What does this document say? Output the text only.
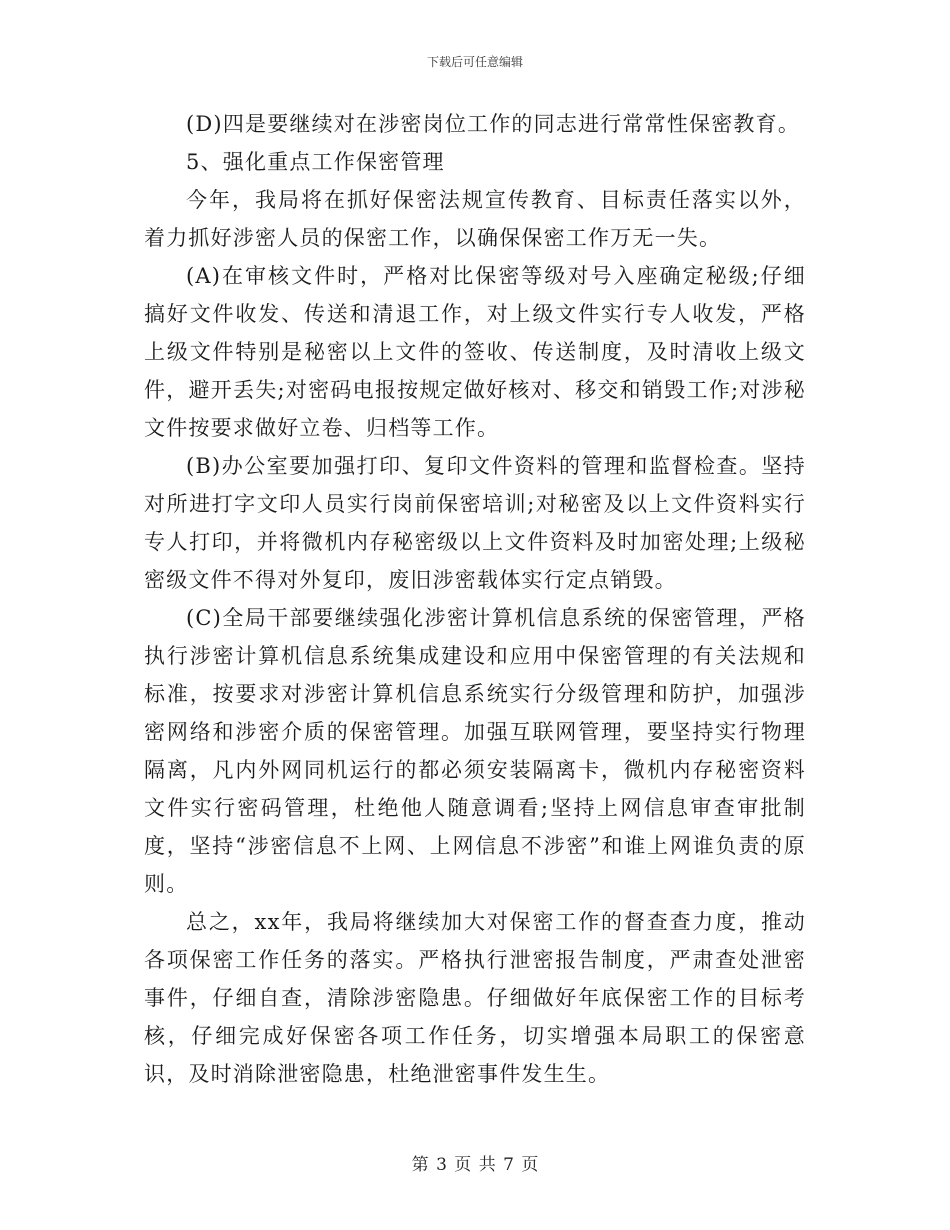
下载后可任意编辑

(D)四是要继续对在涉密岗位工作的同志进行常常性保密教育。

5、强化重点工作保密管理

今年，我局将在抓好保密法规宣传教育、目标责任落实以外，着力抓好涉密人员的保密工作，以确保保密工作万无一失。

(A)在审核文件时，严格对比保密等级对号入座确定秘级;仔细搞好文件收发、传送和清退工作，对上级文件实行专人收发，严格上级文件特别是秘密以上文件的签收、传送制度，及时清收上级文件，避开丢失;对密码电报按规定做好核对、移交和销毁工作;对涉秘文件按要求做好立卷、归档等工作。

(B)办公室要加强打印、复印文件资料的管理和监督检查。坚持对所进打字文印人员实行岗前保密培训;对秘密及以上文件资料实行专人打印，并将微机内存秘密级以上文件资料及时加密处理;上级秘密级文件不得对外复印，废旧涉密载体实行定点销毁。

(C)全局干部要继续强化涉密计算机信息系统的保密管理，严格执行涉密计算机信息系统集成建设和应用中保密管理的有关法规和标准，按要求对涉密计算机信息系统实行分级管理和防护，加强涉密网络和涉密介质的保密管理。加强互联网管理，要坚持实行物理隔离，凡内外网同机运行的都必须安装隔离卡，微机内存秘密资料文件实行密码管理，杜绝他人随意调看;坚持上网信息审查审批制度，坚持“涉密信息不上网、上网信息不涉密”和谁上网谁负责的原则。

总之，xx年，我局将继续加大对保密工作的督查查力度，推动各项保密工作任务的落实。严格执行泄密报告制度，严肃查处泄密事件，仔细自查，清除涉密隐患。仔细做好年底保密工作的目标考核，仔细完成好保密各项工作任务，切实增强本局职工的保密意识，及时消除泄密隐患，杜绝泄密事件发生生。

第 3 页 共 7 页
